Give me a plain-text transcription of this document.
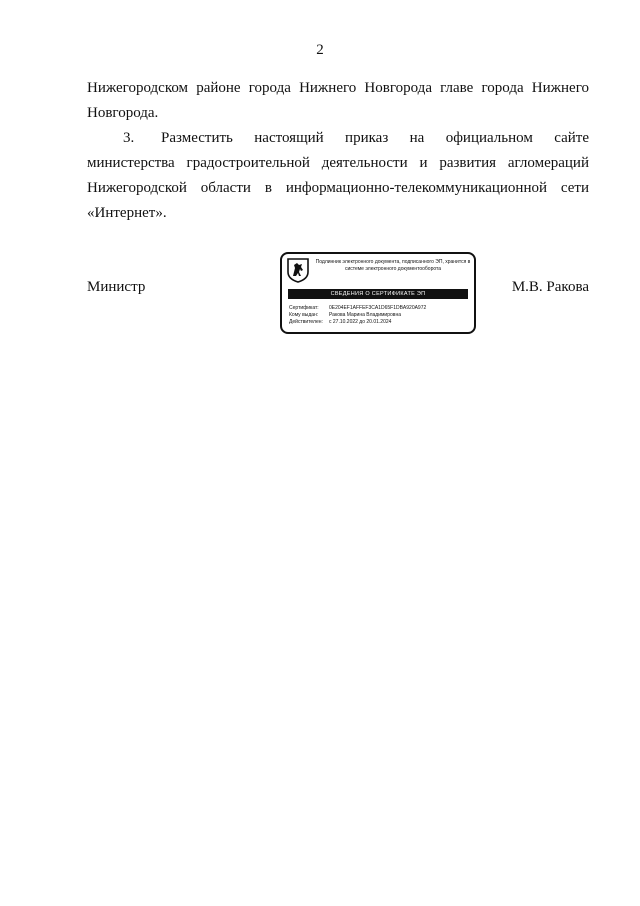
2

Нижегородском районе города Нижнего Новгорода главе города Нижнего Новгорода.

3. Разместить настоящий приказ на официальном сайте министерства градостроительной деятельности и развития агломераций Нижегородской области в информационно-телекоммуникационной сети «Интернет».

Министр	М.В. Ракова
Подлинник электронного документа, подписанного ЭП, хранится в системе электронного документооборота
СВЕДЕНИЯ О СЕРТИФИКАТЕ ЭП
Сертификат: 0E204EF1AFFEF3CA1D65F1DBA920A972
Кому выдан: Ракова Марина Владимировна
Действителен: с 27.10.2022 до 20.01.2024
